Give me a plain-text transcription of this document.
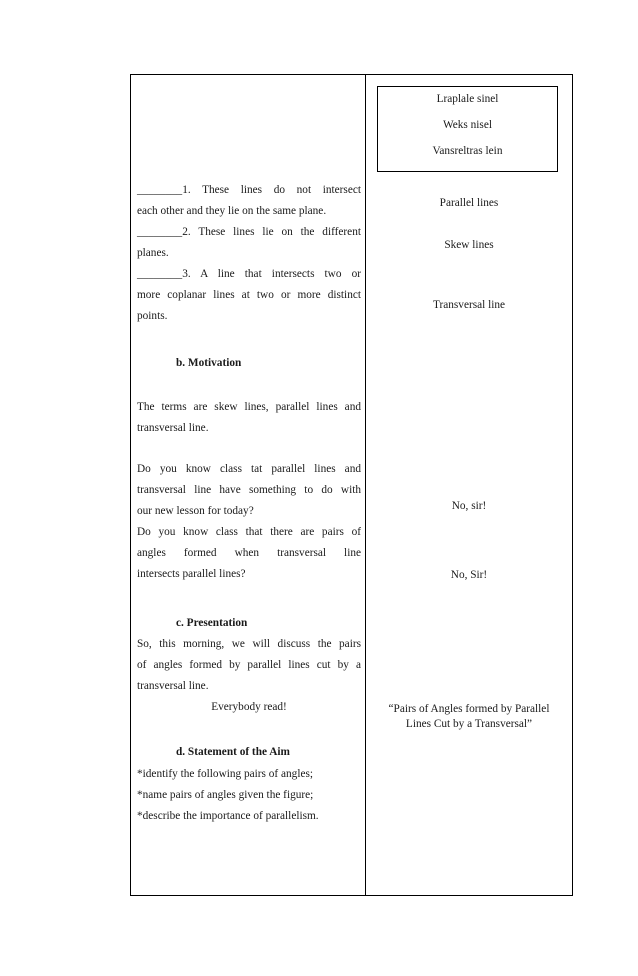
Lraplale sinel
Weks nisel
Vansreltras lein
Parallel lines
Skew lines
Transversal line
No, sir!
No, Sir!
“Pairs of Angles formed by Parallel
Lines Cut by a Transversal”
________1. These lines do not intersect
each other and they lie on the same plane.
________2. These lines lie on the different
planes.
________3. A line that intersects two or
more coplanar lines at two or more distinct
points.
b. Motivation
The terms are skew lines, parallel lines and
transversal line.
Do you know class tat parallel lines and
transversal line have something to do with
our new lesson for today?
Do you know class that there are pairs of
angles formed when transversal line
intersects parallel lines?
c. Presentation
So, this morning, we will discuss the pairs
of angles formed by parallel lines cut by a
transversal line.
Everybody read!
d. Statement of the Aim
*identify the following pairs of angles;
*name pairs of angles given the figure;
*describe the importance of parallelism.
